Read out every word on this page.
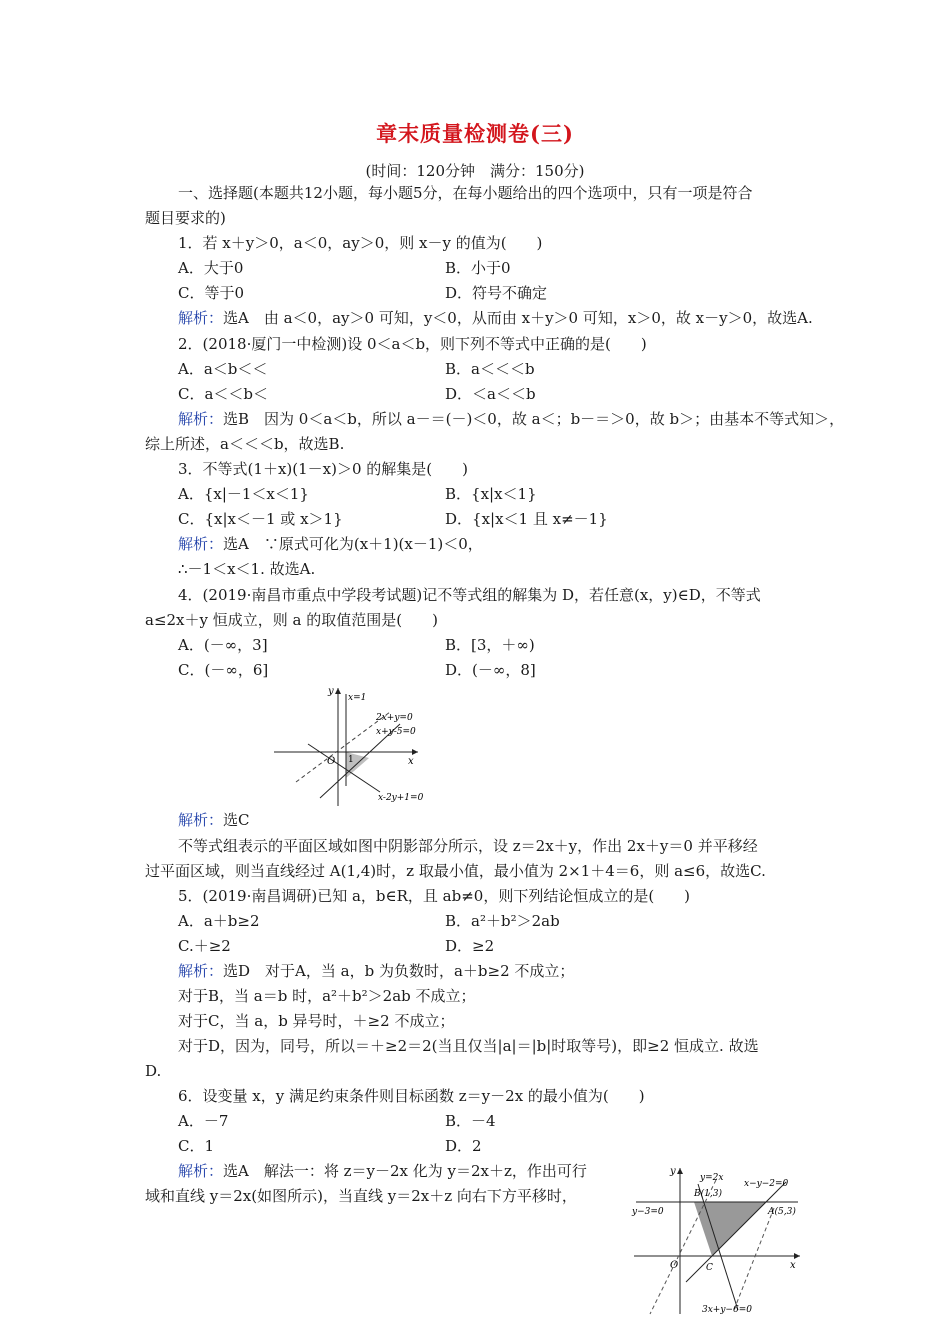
章末质量检测卷(三)
(时间：120分钟　满分：150分)
一、选择题(本题共12小题，每小题5分，在每小题给出的四个选项中，只有一项是符合
题目要求的)
1．若 x＋y＞0，a＜0，ay＞0，则 x－y 的值为(　　)
A．大于0	B．小于0
C．等于0	D．符号不确定
解析：选A　由 a＜0，ay＞0 可知，y＜0，从而由 x＋y＞0 可知，x＞0，故 x－y＞0，故选A.
2．(2018·厦门一中检测)设 0＜a＜b，则下列不等式中正确的是(　　)
A．a＜b＜＜	B．a＜＜＜b
C．a＜＜b＜	D．＜a＜＜b
解析：选B　因为 0＜a＜b，所以 a－＝(－)＜0，故 a＜；b－＝＞0，故 b＞；由基本不等式知＞，
综上所述，a＜＜＜b，故选B.
3．不等式(1＋x)(1－x)＞0 的解集是(　　)
A．{x|－1＜x＜1}	B．{x|x＜1}
C．{x|x＜－1 或 x＞1}	D．{x|x＜1 且 x≠－1}
解析：选A　∵原式可化为(x＋1)(x－1)＜0，
∴－1＜x＜1. 故选A.
4．(2019·南昌市重点中学段考试题)记不等式组的解集为 D，若任意(x，y)∈D，不等式
a≤2x＋y 恒成立，则 a 的取值范围是(　　)
A．(－∞，3]	B．[3，＋∞)
C．(－∞，6]	D．(－∞，8]
y
x
O 1
x=1
2x+y=0
x+y-5=0
x-2y+1=0
解析：选C
不等式组表示的平面区域如图中阴影部分所示，设 z＝2x＋y，作出 2x＋y＝0 并平移经
过平面区域，则当直线经过 A(1,4)时，z 取最小值，最小值为 2×1＋4＝6，则 a≤6，故选C.
5．(2019·南昌调研)已知 a，b∈R，且 ab≠0，则下列结论恒成立的是(　　)
A．a＋b≥2	B．a²＋b²＞2ab
C.＋≥2	D．≥2
解析：选D　对于A，当 a，b 为负数时，a＋b≥2 不成立；
对于B，当 a＝b 时，a²＋b²＞2ab 不成立；
对于C，当 a，b 异号时，＋≥2 不成立；
对于D，因为，同号，所以＝＋≥2＝2(当且仅当|a|＝|b|时取等号)，即≥2 恒成立. 故选
D.
6．设变量 x，y 满足约束条件则目标函数 z＝y－2x 的最小值为(　　)
A．－7	B．－4
C．1	D．2
解析：选A　解法一：将 z＝y－2x 化为 y＝2x＋z，作出可行
域和直线 y＝2x(如图所示)，当直线 y＝2x＋z 向右下方平移时，
y
x
O
y=2x
x−y−2=0
y−3=0
3x+y−6=0
B(1,3)
A(5,3)
C
